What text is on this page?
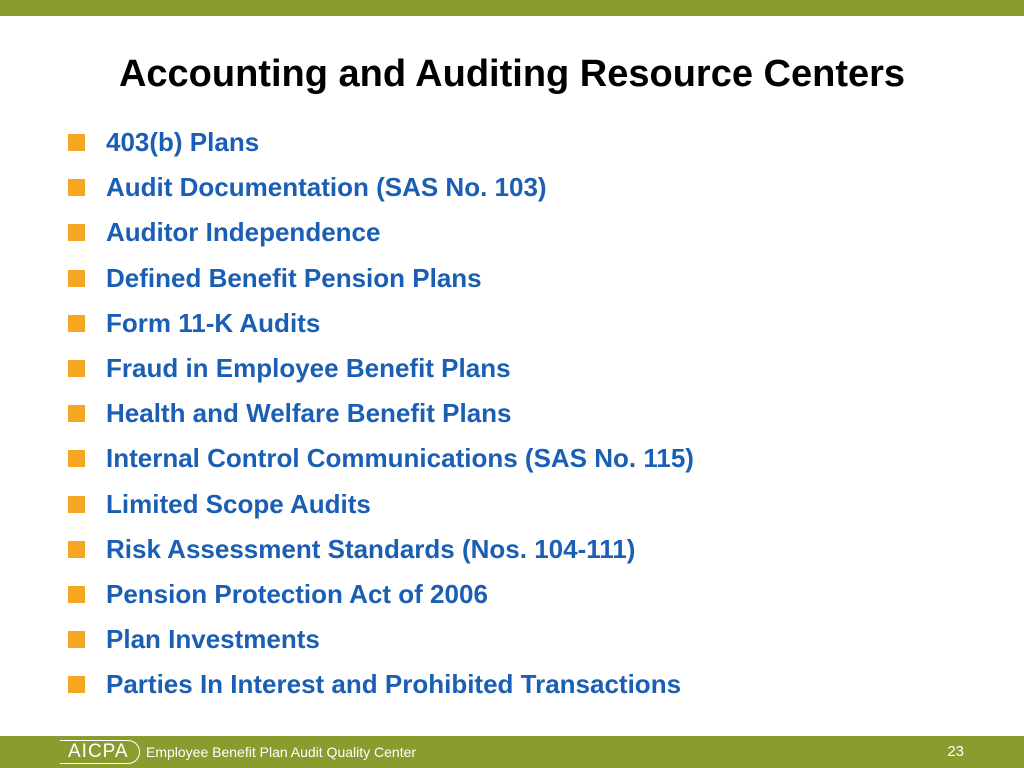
Accounting and Auditing Resource Centers
403(b) Plans
Audit Documentation (SAS No. 103)
Auditor Independence
Defined Benefit Pension Plans
Form 11-K Audits
Fraud in Employee Benefit Plans
Health and Welfare Benefit Plans
Internal Control Communications (SAS No. 115)
Limited Scope Audits
Risk Assessment Standards (Nos. 104-111)
Pension Protection Act of 2006
Plan Investments
Parties In Interest and Prohibited Transactions
AICPA	Employee Benefit Plan Audit Quality Center	23
